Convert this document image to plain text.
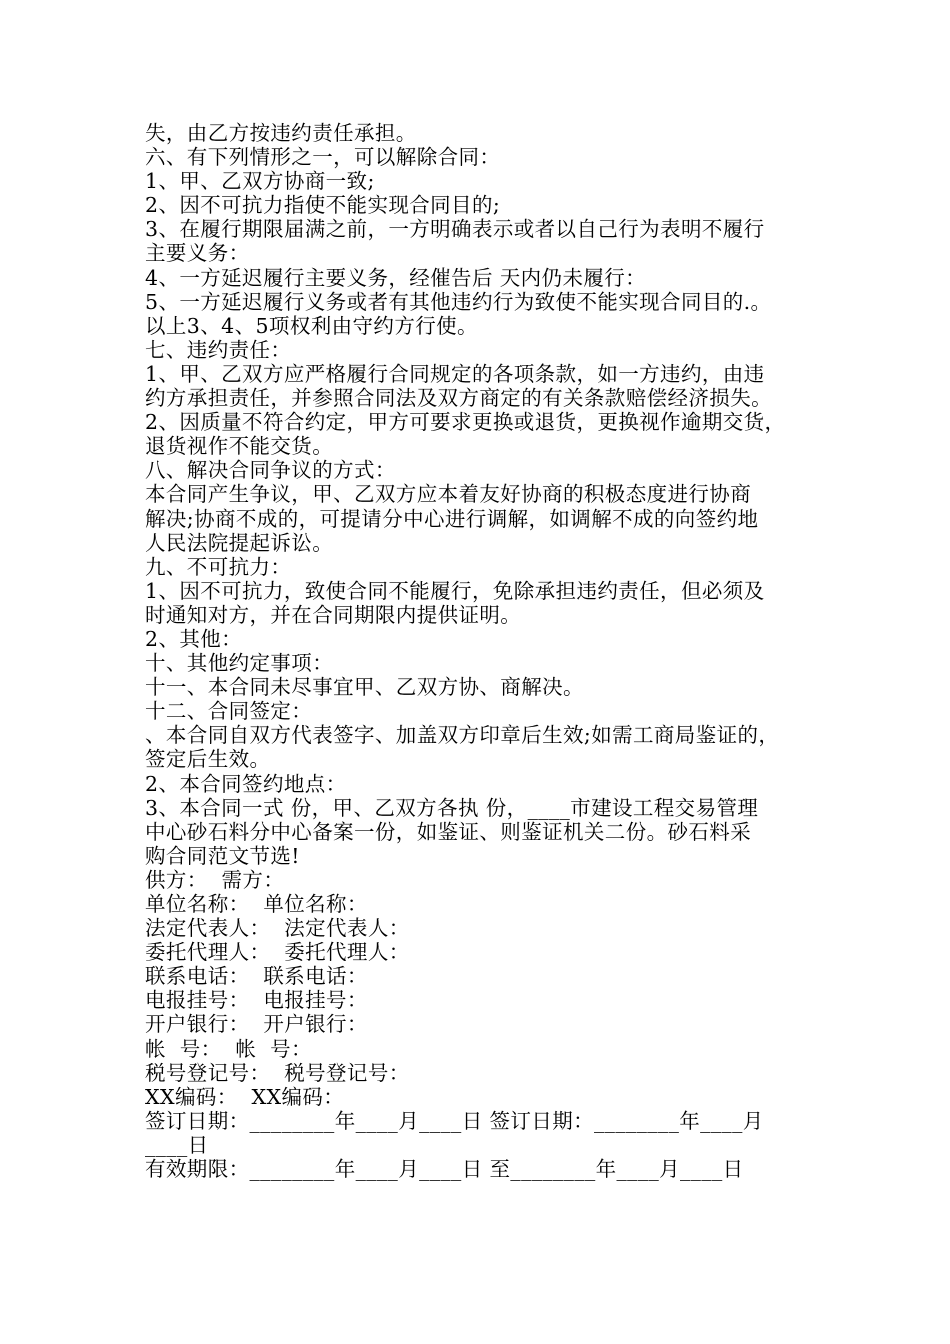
失，由乙方按违约责任承担。
六、有下列情形之一，可以解除合同：
1、甲、乙双方协商一致;
2、因不可抗力指使不能实现合同目的;
3、在履行期限届满之前，一方明确表示或者以自己行为表明不履行
主要义务：
4、一方延迟履行主要义务，经催告后 天内仍未履行：
5、一方延迟履行义务或者有其他违约行为致使不能实现合同目的.。
以上3、4、5项权利由守约方行使。
七、违约责任：
1、甲、乙双方应严格履行合同规定的各项条款，如一方违约，由违
约方承担责任，并参照合同法及双方商定的有关条款赔偿经济损失。
2、因质量不符合约定，甲方可要求更换或退货，更换视作逾期交货，
退货视作不能交货。
八、解决合同争议的方式：
本合同产生争议，甲、乙双方应本着友好协商的积极态度进行协商
解决;协商不成的，可提请分中心进行调解，如调解不成的向签约地
人民法院提起诉讼。
九、不可抗力：
1、因不可抗力，致使合同不能履行，免除承担违约责任，但必须及
时通知对方，并在合同期限内提供证明。
2、其他：
十、其他约定事项：
十一、本合同未尽事宜甲、乙双方协、商解决。
十二、合同签定：
、本合同自双方代表签字、加盖双方印章后生效;如需工商局鉴证的，
签定后生效。
2、本合同签约地点：
3、本合同一式 份，甲、乙双方各执 份，____市建设工程交易管理
中心砂石料分中心备案一份，如鉴证、则鉴证机关二份。砂石料采
购合同范文节选!
供方：  需方：
单位名称：  单位名称：
法定代表人：  法定代表人：
委托代理人：  委托代理人：
联系电话：  联系电话：
电报挂号：  电报挂号：
开户银行：  开户银行：
帐  号：  帐  号：
税号登记号：  税号登记号：
XX编码：  XX编码：
签订日期：________年____月____日 签订日期：________年____月
____日
有效期限：________年____月____日 至________年____月____日
